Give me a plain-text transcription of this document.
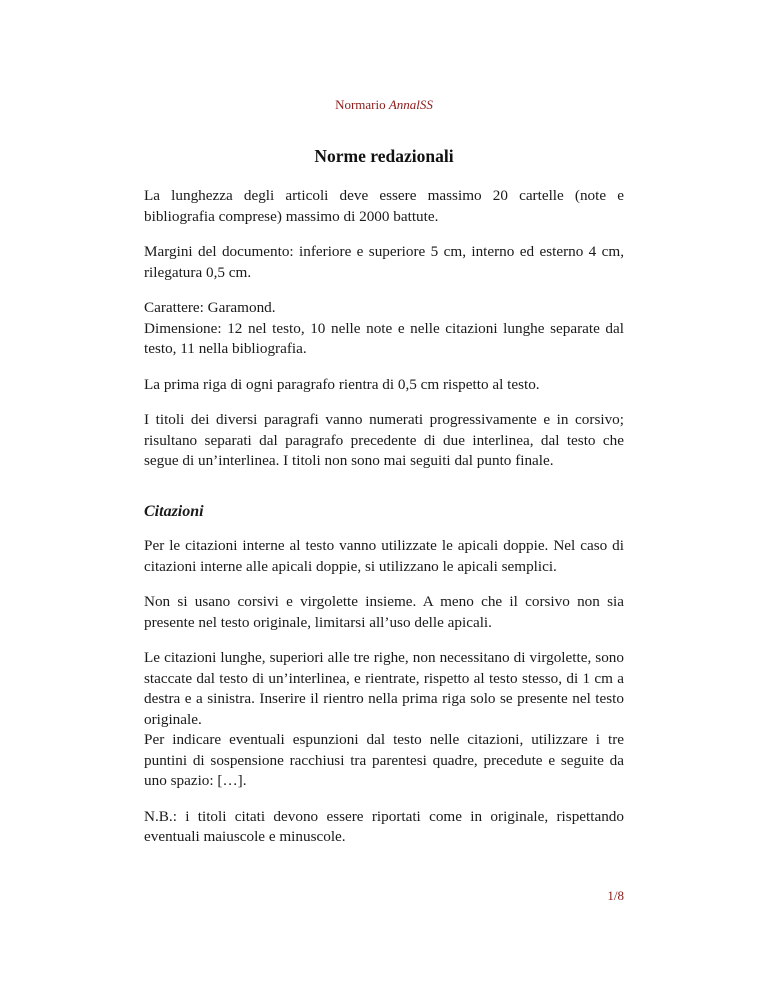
Normario AnnalSS
Norme redazionali

La lunghezza degli articoli deve essere massimo 20 cartelle (note e bibliografia comprese) massimo di 2000 battute.

Margini del documento: inferiore e superiore 5 cm, interno ed esterno 4 cm, rilegatura 0,5 cm.

Carattere: Garamond.

Dimensione: 12 nel testo, 10 nelle note e nelle citazioni lunghe separate dal testo, 11 nella bibliografia.

La prima riga di ogni paragrafo rientra di 0,5 cm rispetto al testo.

I titoli dei diversi paragrafi vanno numerati progressivamente e in corsivo; risultano separati dal paragrafo precedente di due interlinea, dal testo che segue di un’interlinea. I titoli non sono mai seguiti dal punto finale.

Citazioni

Per le citazioni interne al testo vanno utilizzate le apicali doppie. Nel caso di citazioni interne alle apicali doppie, si utilizzano le apicali semplici.

Non si usano corsivi e virgolette insieme. A meno che il corsivo non sia presente nel testo originale, limitarsi all’uso delle apicali.

Le citazioni lunghe, superiori alle tre righe, non necessitano di virgolette, sono staccate dal testo di un’interlinea, e rientrate, rispetto al testo stesso, di 1 cm a destra e a sinistra. Inserire il rientro nella prima riga solo se presente nel testo originale.

Per indicare eventuali espunzioni dal testo nelle citazioni, utilizzare i tre puntini di sospensione racchiusi tra parentesi quadre, precedute e seguite da uno spazio: […].

N.B.: i titoli citati devono essere riportati come in originale, rispettando eventuali maiuscole e minuscole.

1/8
